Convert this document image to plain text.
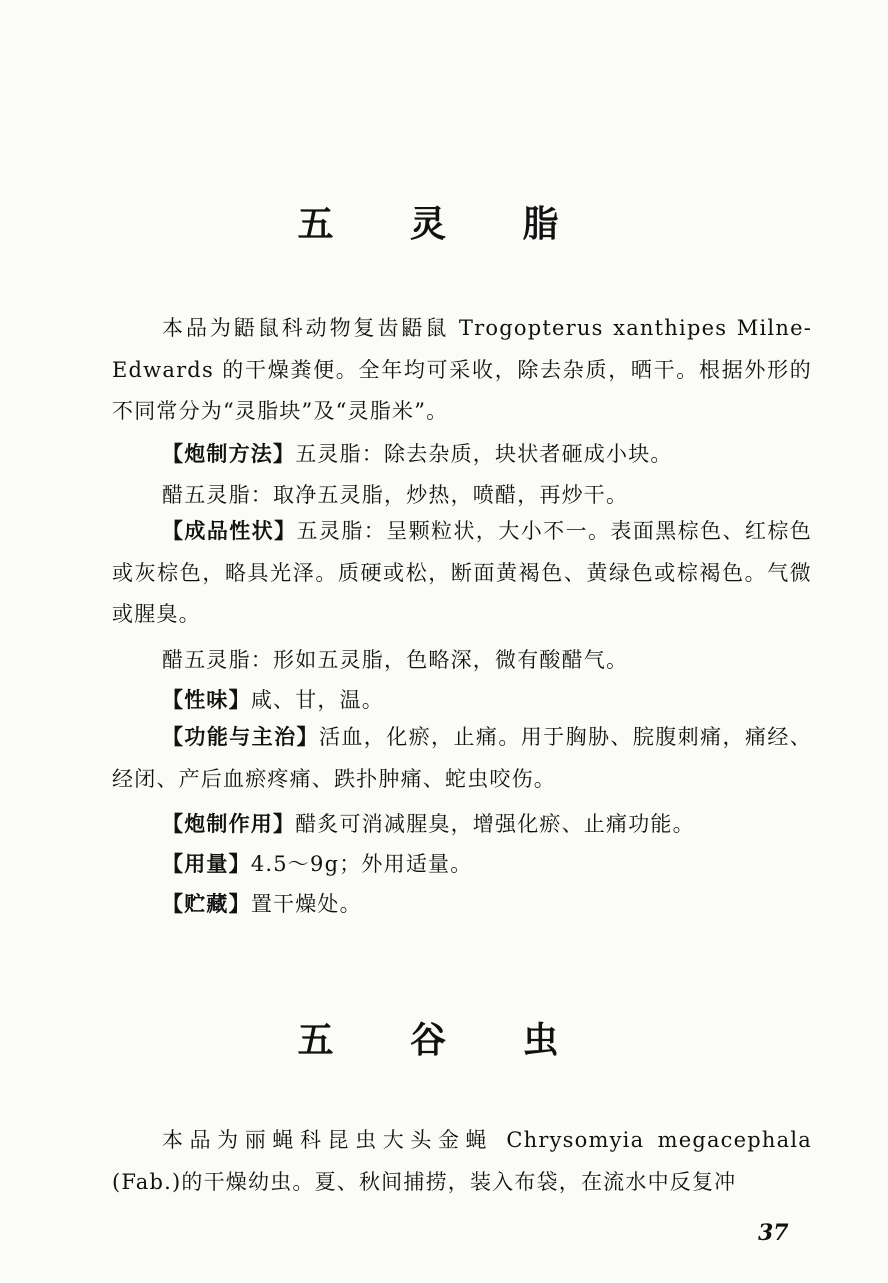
五 灵 脂
本品为鼯鼠科动物复齿鼯鼠 Trogopterus xanthipes Milne-Edwards 的干燥粪便。全年均可采收，除去杂质，晒干。根据外形的不同常分为“灵脂块”及“灵脂米”。
【炮制方法】五灵脂：除去杂质，块状者砸成小块。
醋五灵脂：取净五灵脂，炒热，喷醋，再炒干。
【成品性状】五灵脂：呈颗粒状，大小不一。表面黑棕色、红棕色或灰棕色，略具光泽。质硬或松，断面黄褐色、黄绿色或棕褐色。气微或腥臭。
醋五灵脂：形如五灵脂，色略深，微有酸醋气。
【性味】咸、甘，温。
【功能与主治】活血，化瘀，止痛。用于胸胁、脘腹刺痛，痛经、经闭、产后血瘀疼痛、跌扑肿痛、蛇虫咬伤。
【炮制作用】醋炙可消减腥臭，增强化瘀、止痛功能。
【用量】4.5～9g；外用适量。
【贮藏】置干燥处。
五 谷 虫
本品为丽蝇科昆虫大头金蝇 Chrysomyia megacephala (Fab.)的干燥幼虫。夏、秋间捕捞，装入布袋，在流水中反复冲
37
